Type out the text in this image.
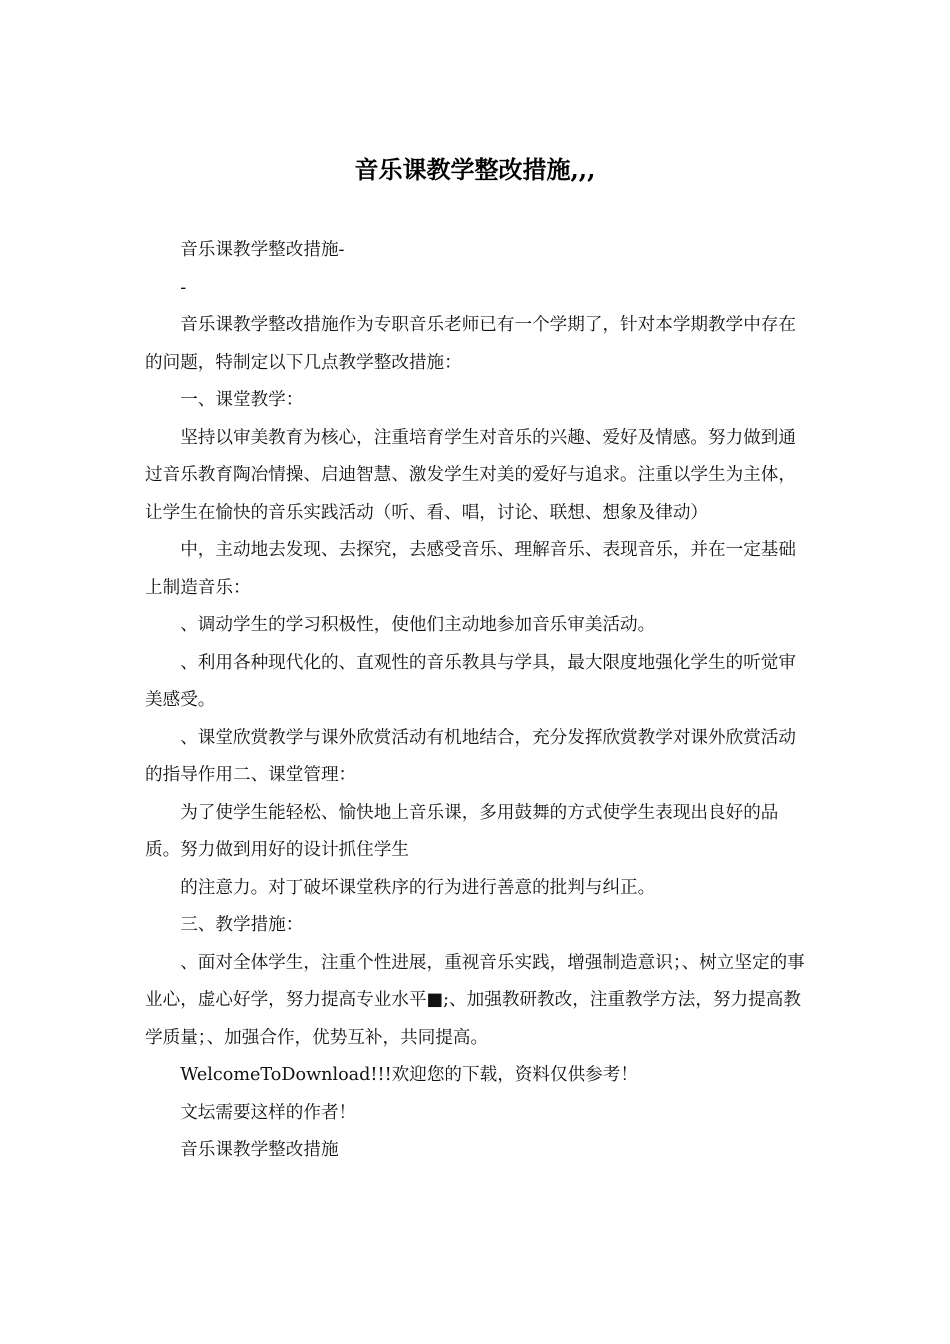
音乐课教学整改措施,,,

音乐课教学整改措施-

-

音乐课教学整改措施作为专职音乐老师已有一个学期了，针对本学期教学中存在的问题，特制定以下几点教学整改措施：

一、课堂教学：

坚持以审美教育为核心，注重培育学生对音乐的兴趣、爱好及情感。努力做到通过音乐教育陶冶情操、启迪智慧、激发学生对美的爱好与追求。注重以学生为主体，让学生在愉快的音乐实践活动（听、看、唱，讨论、联想、想象及律动）

中，主动地去发现、去探究，去感受音乐、理解音乐、表现音乐，并在一定基础上制造音乐：

、调动学生的学习积极性，使他们主动地参加音乐审美活动。

、利用各种现代化的、直观性的音乐教具与学具，最大限度地强化学生的听觉审美感受。

、课堂欣赏教学与课外欣赏活动有机地结合，充分发挥欣赏教学对课外欣赏活动的指导作用二、课堂管理：

为了使学生能轻松、愉快地上音乐课，多用鼓舞的方式使学生表现出良好的品质。努力做到用好的设计抓住学生

的注意力。对丁破坏课堂秩序的行为进行善意的批判与纠正。

三、教学措施：

、面对全体学生，注重个性进展，重视音乐实践，增强制造意识；、树立坚定的事业心，虚心好学，努力提高专业水平■;、加强教研教改，注重教学方法，努力提高教学质量；、加强合作，优势互补，共同提高。

WelcomeToDownload!!!欢迎您的下载，资料仅供参考！

文坛需要这样的作者！

音乐课教学整改措施
